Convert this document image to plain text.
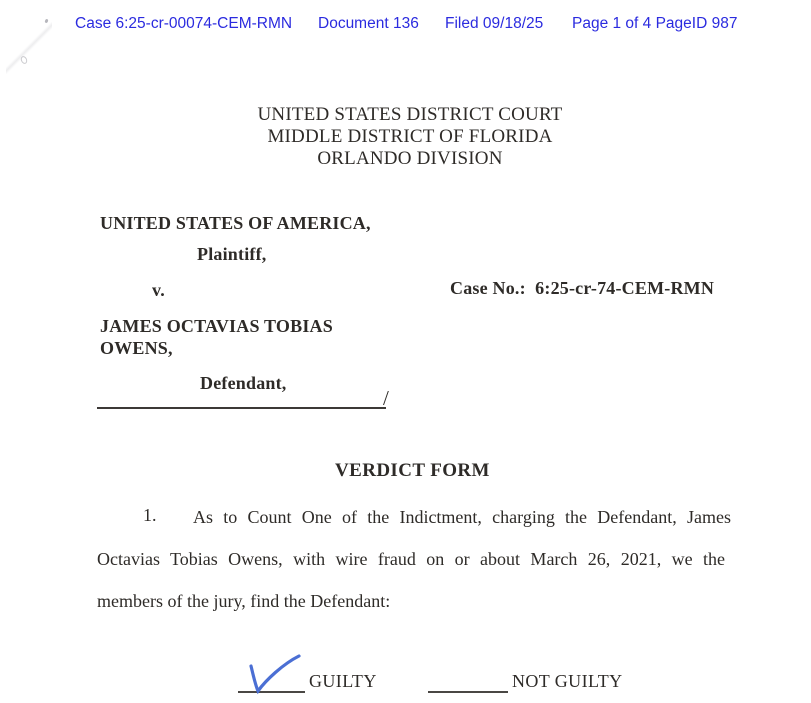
Case 6:25-cr-00074-CEM-RMN Document 136 Filed 09/18/25 Page 1 of 4 PageID 987
UNITED STATES DISTRICT COURT
MIDDLE DISTRICT OF FLORIDA
ORLANDO DIVISION
UNITED STATES OF AMERICA,
Plaintiff,
v.	Case No.:  6:25-cr-74-CEM-RMN
JAMES OCTAVIAS TOBIAS
OWENS,
Defendant,
/
VERDICT FORM
1. As to Count One of the Indictment, charging the Defendant, James
Octavias Tobias Owens, with wire fraud on or about March 26, 2021, we the
members of the jury, find the Defendant:
GUILTY	NOT GUILTY
